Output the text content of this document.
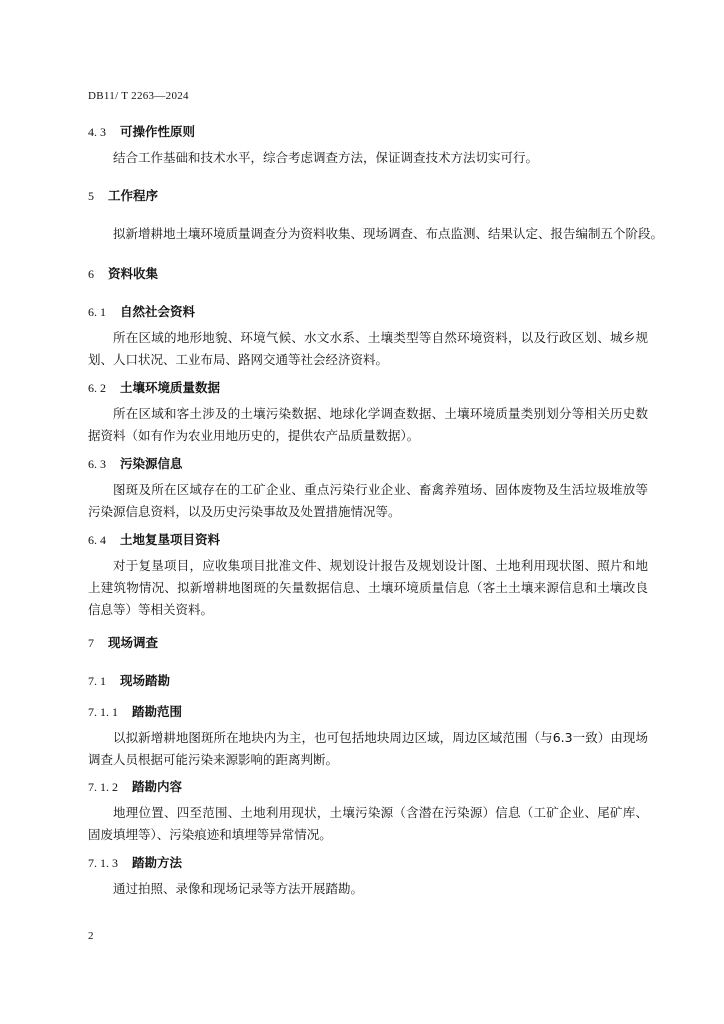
DB11/ T 2263—2024
4. 3 可操作性原则
结合工作基础和技术水平，综合考虑调查方法，保证调查技术方法切实可行。
5 工作程序
拟新增耕地土壤环境质量调查分为资料收集、现场调查、布点监测、结果认定、报告编制五个阶段。
6 资料收集
6. 1 自然社会资料
所在区域的地形地貌、环境气候、水文水系、土壤类型等自然环境资料，以及行政区划、城乡规划、人口状况、工业布局、路网交通等社会经济资料。
6. 2 土壤环境质量数据
所在区域和客土涉及的土壤污染数据、地球化学调查数据、土壤环境质量类别划分等相关历史数据资料（如有作为农业用地历史的，提供农产品质量数据）。
6. 3 污染源信息
图斑及所在区域存在的工矿企业、重点污染行业企业、畜禽养殖场、固体废物及生活垃圾堆放等污染源信息资料，以及历史污染事故及处置措施情况等。
6. 4 土地复垦项目资料
对于复垦项目，应收集项目批准文件、规划设计报告及规划设计图、土地利用现状图、照片和地上建筑物情况、拟新增耕地图斑的矢量数据信息、土壤环境质量信息（客土土壤来源信息和土壤改良信息等）等相关资料。
7 现场调查
7. 1 现场踏勘
7. 1. 1 踏勘范围
以拟新增耕地图斑所在地块内为主，也可包括地块周边区域，周边区域范围（与6.3一致）由现场调查人员根据可能污染来源影响的距离判断。
7. 1. 2 踏勘内容
地理位置、四至范围、土地利用现状，土壤污染源（含潜在污染源）信息（工矿企业、尾矿库、固废填埋等）、污染痕迹和填埋等异常情况。
7. 1. 3 踏勘方法
通过拍照、录像和现场记录等方法开展踏勘。
2
